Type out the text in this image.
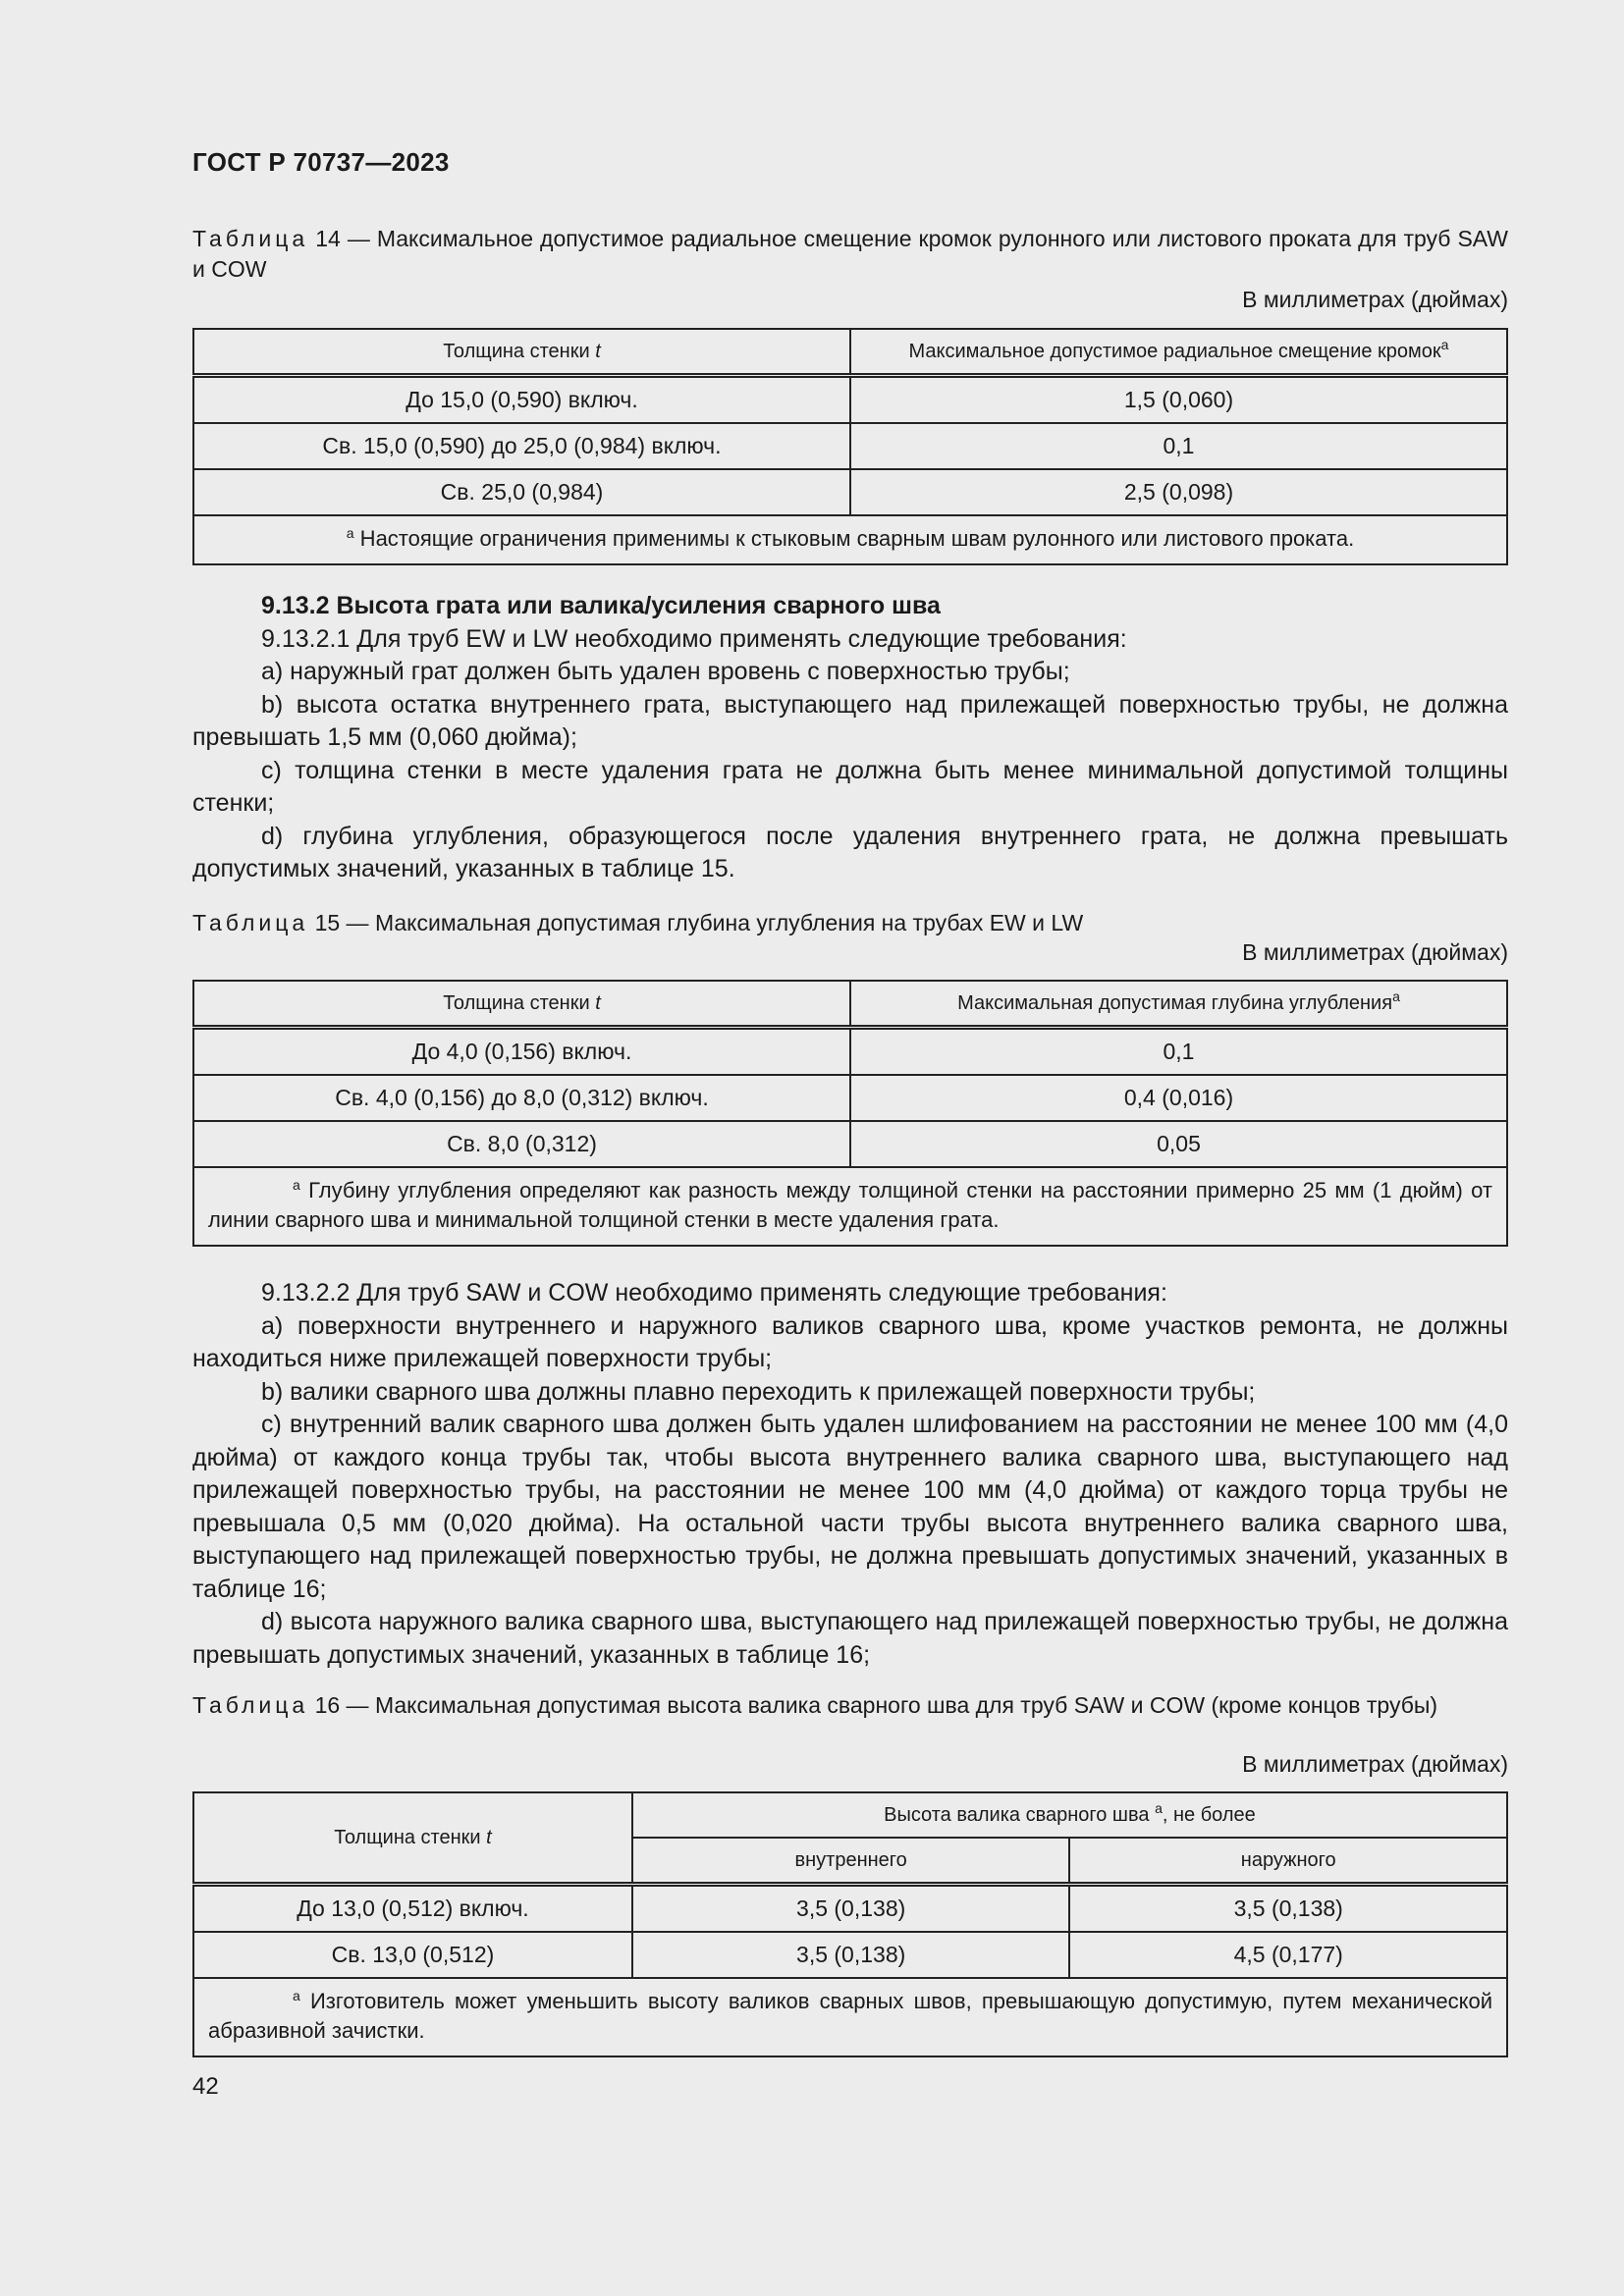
ГОСТ Р 70737—2023
Таблица 14 — Максимальное допустимое радиальное смещение кромок рулонного или листового проката для труб SAW и COW
В миллиметрах (дюймах)
Толщина стенки t	Максимальное допустимое радиальное смещение кромок$^a$
До 15,0 (0,590) включ.	1,5 (0,060)
Св. 15,0 (0,590) до 25,0 (0,984) включ.	0,1
Св. 25,0 (0,984)	2,5 (0,098)
$^a$ Настоящие ограничения применимы к стыковым сварным швам рулонного или листового проката.	

9.13.2 Высота грата или валика/усиления сварного шва

9.13.2.1 Для труб EW и LW необходимо применять следующие требования:

a) наружный грат должен быть удален вровень с поверхностью трубы;

b) высота остатка внутреннего грата, выступающего над прилежащей поверхностью трубы, не должна превышать 1,5 мм (0,060 дюйма);

c) толщина стенки в месте удаления грата не должна быть менее минимальной допустимой толщины стенки;

d) глубина углубления, образующегося после удаления внутреннего грата, не должна превышать допустимых значений, указанных в таблице 15.

Таблица 15 — Максимальная допустимая глубина углубления на трубах EW и LW
В миллиметрах (дюймах)
Толщина стенки t	Максимальная допустимая глубина углубления$^a$
До 4,0 (0,156) включ.	0,1
Св. 4,0 (0,156) до 8,0 (0,312) включ.	0,4 (0,016)
Св. 8,0 (0,312)	0,05
$^a$ Глубину углубления определяют как разность между толщиной стенки на расстоянии примерно 25 мм (1 дюйм) от линии сварного шва и минимальной толщиной стенки в месте удаления грата.	

9.13.2.2 Для труб SAW и COW необходимо применять следующие требования:

a) поверхности внутреннего и наружного валиков сварного шва, кроме участков ремонта, не должны находиться ниже прилежащей поверхности трубы;

b) валики сварного шва должны плавно переходить к прилежащей поверхности трубы;

c) внутренний валик сварного шва должен быть удален шлифованием на расстоянии не менее 100 мм (4,0 дюйма) от каждого конца трубы так, чтобы высота внутреннего валика сварного шва, выступающего над прилежащей поверхностью трубы, на расстоянии не менее 100 мм (4,0 дюйма) от каждого торца трубы не превышала 0,5 мм (0,020 дюйма). На остальной части трубы высота внутреннего валика сварного шва, выступающего над прилежащей поверхностью трубы, не должна превышать допустимых значений, указанных в таблице 16;

d) высота наружного валика сварного шва, выступающего над прилежащей поверхностью трубы, не должна превышать допустимых значений, указанных в таблице 16;

Таблица 16 — Максимальная допустимая высота валика сварного шва для труб SAW и COW (кроме концов трубы)
В миллиметрах (дюймах)
Толщина стенки t	Высота валика сварного шва $^a$, не более	
	внутреннего	наружного
До 13,0 (0,512) включ.	3,5 (0,138)	3,5 (0,138)
Св. 13,0 (0,512)	3,5 (0,138)	4,5 (0,177)
$^a$ Изготовитель может уменьшить высоту валиков сварных швов, превышающую допустимую, путем механической абразивной зачистки.		
42
